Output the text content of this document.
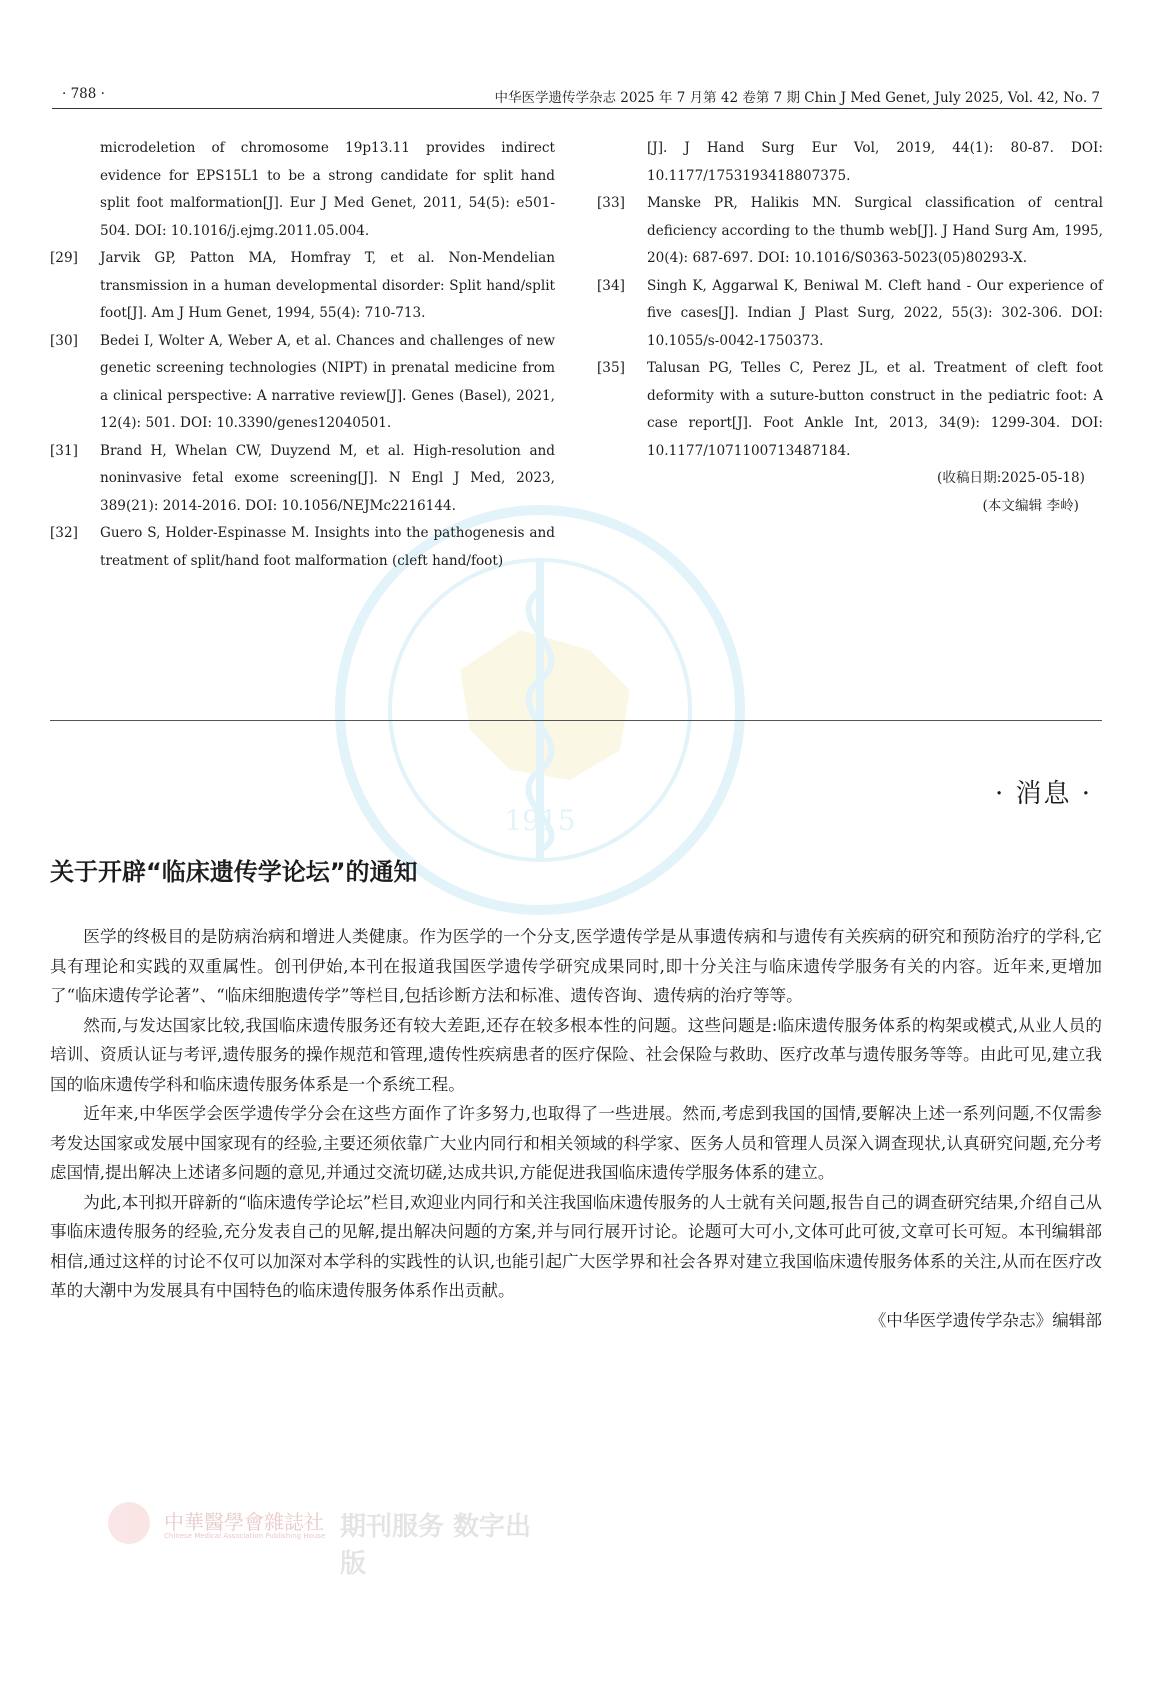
1915
· 788 ·	中华医学遗传学杂志 2025 年 7 月第 42 卷第 7 期 Chin J Med Genet, July 2025, Vol. 42, No. 7

microdeletion of chromosome 19p13.11 provides indirect evidence for EPS15L1 to be a strong candidate for split hand split foot malformation[J]. Eur J Med Genet, 2011, 54(5): e501-504. DOI: 10.1016/j.ejmg.2011.05.004.

[29] Jarvik GP, Patton MA, Homfray T, et al. Non-Mendelian transmission in a human developmental disorder: Split hand/split foot[J]. Am J Hum Genet, 1994, 55(4): 710-713.

[30] Bedei I, Wolter A, Weber A, et al. Chances and challenges of new genetic screening technologies (NIPT) in prenatal medicine from a clinical perspective: A narrative review[J]. Genes (Basel), 2021, 12(4): 501. DOI: 10.3390/genes12040501.

[31] Brand H, Whelan CW, Duyzend M, et al. High-resolution and noninvasive fetal exome screening[J]. N Engl J Med, 2023, 389(21): 2014-2016. DOI: 10.1056/NEJMc2216144.

[32] Guero S, Holder-Espinasse M. Insights into the pathogenesis and treatment of split/hand foot malformation (cleft hand/foot)

[J]. J Hand Surg Eur Vol, 2019, 44(1): 80-87. DOI: 10.1177/1753193418807375.

[33] Manske PR, Halikis MN. Surgical classification of central deficiency according to the thumb web[J]. J Hand Surg Am, 1995, 20(4): 687-697. DOI: 10.1016/S0363-5023(05)80293-X.

[34] Singh K, Aggarwal K, Beniwal M. Cleft hand - Our experience of five cases[J]. Indian J Plast Surg, 2022, 55(3): 302-306. DOI: 10.1055/s-0042-1750373.

[35] Talusan PG, Telles C, Perez JL, et al. Treatment of cleft foot deformity with a suture-button construct in the pediatric foot: A case report[J]. Foot Ankle Int, 2013, 34(9): 1299-304. DOI: 10.1177/1071100713487184.

(收稿日期:2025-05-18)
(本文编辑 李岭)
· 消息 ·
关于开辟“临床遗传学论坛”的通知

医学的终极目的是防病治病和增进人类健康。作为医学的一个分支,医学遗传学是从事遗传病和与遗传有关疾病的研究和预防治疗的学科,它具有理论和实践的双重属性。创刊伊始,本刊在报道我国医学遗传学研究成果同时,即十分关注与临床遗传学服务有关的内容。近年来,更增加了“临床遗传学论著”、“临床细胞遗传学”等栏目,包括诊断方法和标准、遗传咨询、遗传病的治疗等等。

然而,与发达国家比较,我国临床遗传服务还有较大差距,还存在较多根本性的问题。这些问题是:临床遗传服务体系的构架或模式,从业人员的培训、资质认证与考评,遗传服务的操作规范和管理,遗传性疾病患者的医疗保险、社会保险与救助、医疗改革与遗传服务等等。由此可见,建立我国的临床遗传学科和临床遗传服务体系是一个系统工程。

近年来,中华医学会医学遗传学分会在这些方面作了许多努力,也取得了一些进展。然而,考虑到我国的国情,要解决上述一系列问题,不仅需参考发达国家或发展中国家现有的经验,主要还须依靠广大业内同行和相关领域的科学家、医务人员和管理人员深入调查现状,认真研究问题,充分考虑国情,提出解决上述诸多问题的意见,并通过交流切磋,达成共识,方能促进我国临床遗传学服务体系的建立。

为此,本刊拟开辟新的“临床遗传学论坛”栏目,欢迎业内同行和关注我国临床遗传服务的人士就有关问题,报告自己的调查研究结果,介绍自己从事临床遗传服务的经验,充分发表自己的见解,提出解决问题的方案,并与同行展开讨论。论题可大可小,文体可此可彼,文章可长可短。本刊编辑部相信,通过这样的讨论不仅可以加深对本学科的实践性的认识,也能引起广大医学界和社会各界对建立我国临床遗传服务体系的关注,从而在医疗改革的大潮中为发展具有中国特色的临床遗传服务体系作出贡献。

《中华医学遗传学杂志》编辑部
中華醫學會雜誌社
Chinese Medical Association Publishing House 期刊服务 数字出版
